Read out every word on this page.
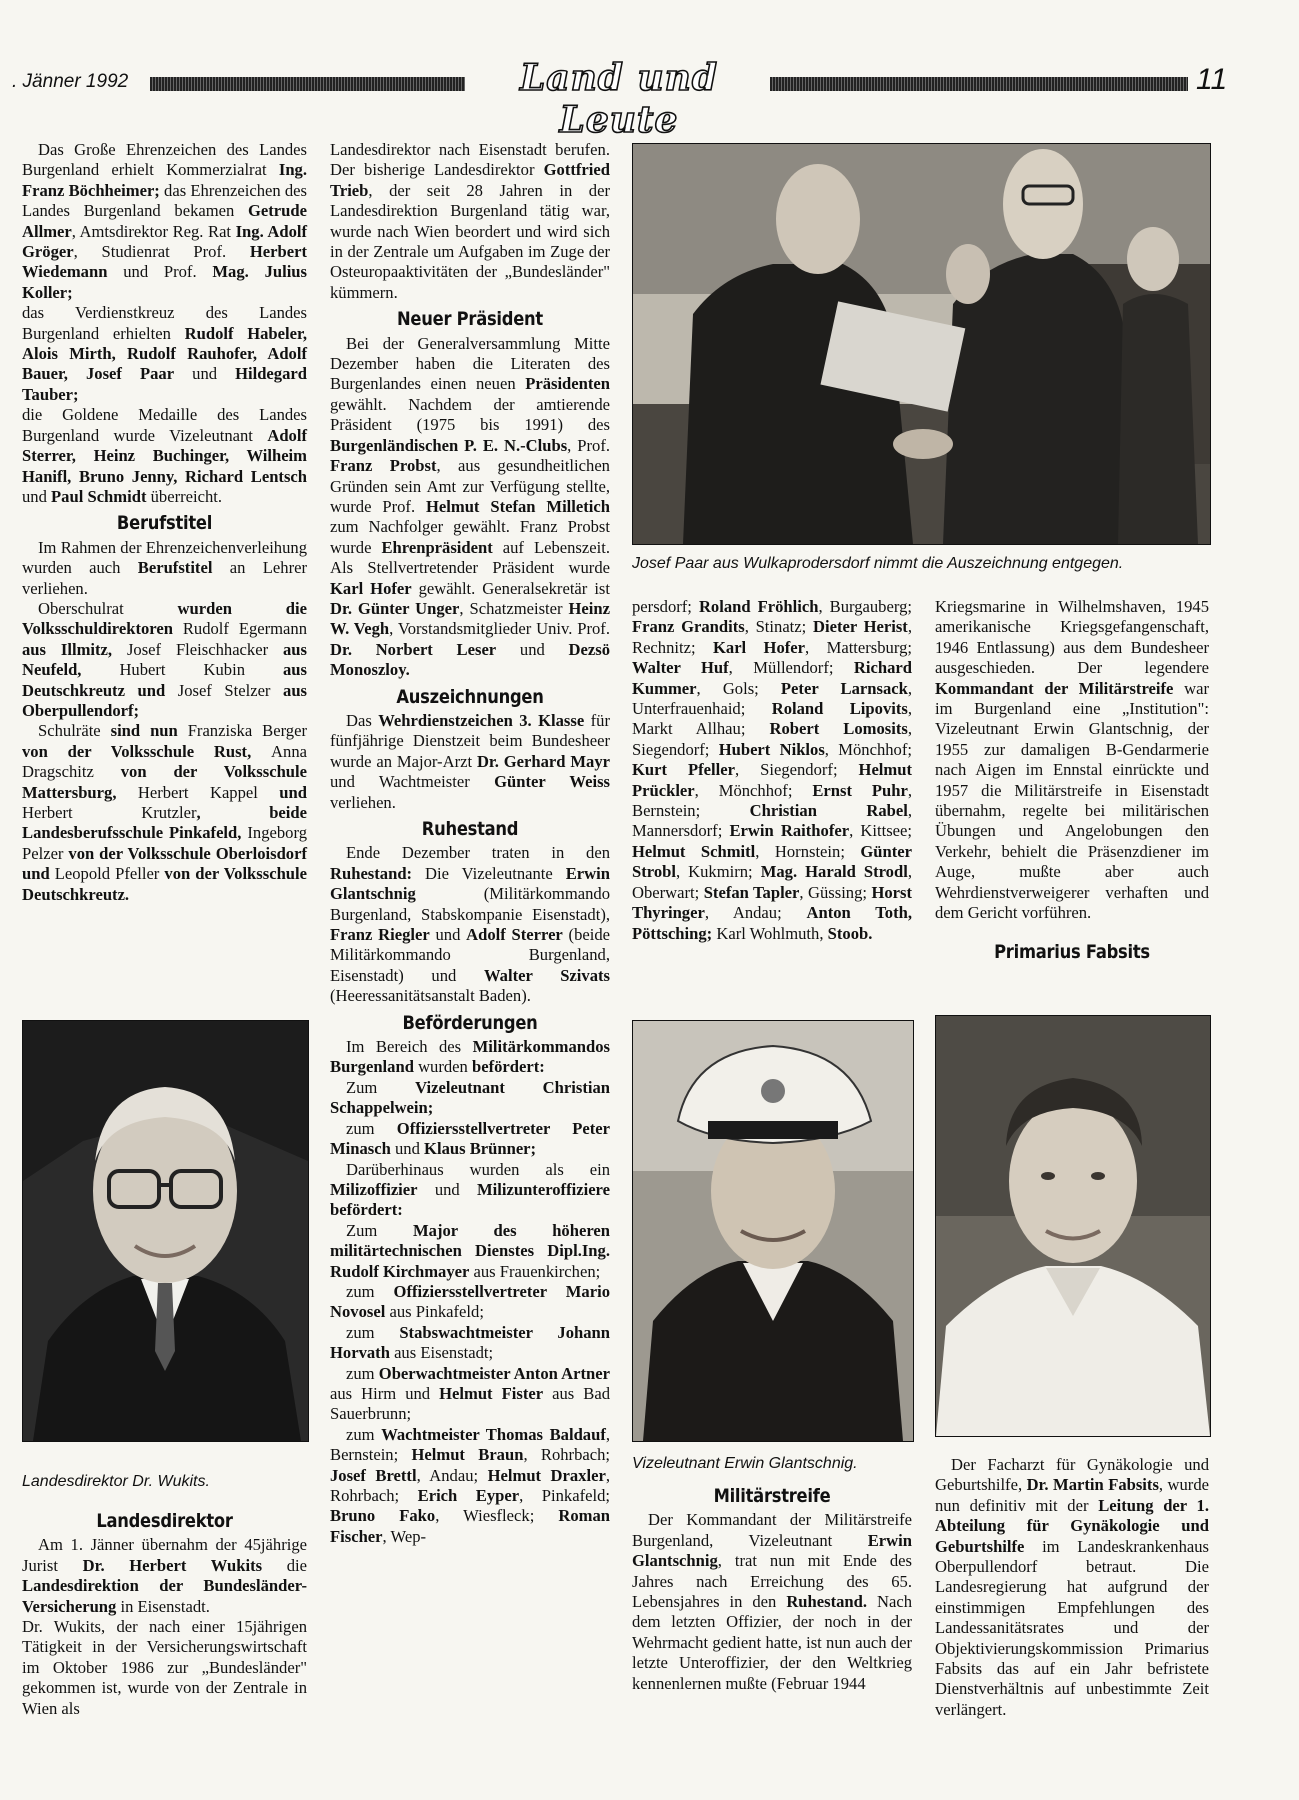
. Jänner 1992	Land und Leute
11

Das Große Ehrenzeichen des Landes Burgenland erhielt Kommerzialrat Ing. Franz Böchheimer; das Ehrenzeichen des Landes Burgenland bekamen Getrude Allmer, Amtsdirektor Reg. Rat Ing. Adolf Gröger, Studienrat Prof. Herbert Wiedemann und Prof. Mag. Julius Koller;

das Verdienstkreuz des Landes Burgenland erhielten Rudolf Habeler, Alois Mirth, Rudolf Rauhofer, Adolf Bauer, Josef Paar und Hildegard Tauber;

die Goldene Medaille des Landes Burgenland wurde Vizeleutnant Adolf Sterrer, Heinz Buchinger, Wilheim Hanifl, Bruno Jenny, Richard Lentsch und Paul Schmidt überreicht.

Berufstitel

Im Rahmen der Ehrenzeichenverleihung wurden auch Berufstitel an Lehrer verliehen.

Oberschulrat wurden die Volksschuldirektoren Rudolf Egermann aus Illmitz, Josef Fleischhacker aus Neufeld, Hubert Kubin aus Deutschkreutz und Josef Stelzer aus Oberpullendorf;

Schulräte sind nun Franziska Berger von der Volksschule Rust, Anna Dragschitz von der Volksschule Mattersburg, Herbert Kappel und Herbert Krutzler, beide Landesberufsschule Pinkafeld, Ingeborg Pelzer von der Volksschule Oberloisdorf und Leopold Pfeller von der Volksschule Deutschkreutz.

Landesdirektor Dr. Wukits.
Landesdirektor

Am 1. Jänner übernahm der 45jährige Jurist Dr. Herbert Wukits die Landesdirektion der Bundesländer-Versicherung in Eisenstadt.

Dr. Wukits, der nach einer 15jährigen Tätigkeit in der Versicherungswirtschaft im Oktober 1986 zur „Bundesländer" gekommen ist, wurde von der Zentrale in Wien als

Landesdirektor nach Eisenstadt berufen. Der bisherige Landesdirektor Gottfried Trieb, der seit 28 Jahren in der Landesdirektion Burgenland tätig war, wurde nach Wien beordert und wird sich in der Zentrale um Aufgaben im Zuge der Osteuropaaktivitäten der „Bundesländer" kümmern.

Neuer Präsident

Bei der Generalversammlung Mitte Dezember haben die Literaten des Burgenlandes einen neuen Präsidenten gewählt. Nachdem der amtierende Präsident (1975 bis 1991) des Burgenländischen P. E. N.-Clubs, Prof. Franz Probst, aus gesundheitlichen Gründen sein Amt zur Verfügung stellte, wurde Prof. Helmut Stefan Milletich zum Nachfolger gewählt. Franz Probst wurde Ehrenpräsident auf Lebenszeit. Als Stellvertretender Präsident wurde Karl Hofer gewählt. Generalsekretär ist Dr. Günter Unger, Schatzmeister Heinz W. Vegh, Vorstandsmitglieder Univ. Prof. Dr. Norbert Leser und Dezsö Monoszloy.

Auszeichnungen

Das Wehrdienstzeichen 3. Klasse für fünfjährige Dienstzeit beim Bundesheer wurde an Major-Arzt Dr. Gerhard Mayr und Wachtmeister Günter Weiss verliehen.

Ruhestand

Ende Dezember traten in den Ruhestand: Die Vizeleutnante Erwin Glantschnig (Militärkommando Burgenland, Stabskompanie Eisenstadt), Franz Riegler und Adolf Sterrer (beide Militärkommando Burgenland, Eisenstadt) und Walter Szivats (Heeressanitätsanstalt Baden).

Beförderungen

Im Bereich des Militärkommandos Burgenland wurden befördert:

Zum Vizeleutnant Christian Schappelwein;

zum Offiziersstellvertreter Peter Minasch und Klaus Brünner;

Darüberhinaus wurden als ein Milizoffizier und Milizunteroffiziere befördert:

Zum Major des höheren militärtechnischen Dienstes Dipl.Ing. Rudolf Kirchmayer aus Frauenkirchen;

zum Offiziersstellvertreter Mario Novosel aus Pinkafeld;

zum Stabswachtmeister Johann Horvath aus Eisenstadt;

zum Oberwachtmeister Anton Artner aus Hirm und Helmut Fister aus Bad Sauerbrunn;

zum Wachtmeister Thomas Baldauf, Bernstein; Helmut Braun, Rohrbach; Josef Brettl, Andau; Helmut Draxler, Rohrbach; Erich Eyper, Pinkafeld; Bruno Fako, Wiesfleck; Roman Fischer, Wep-

Josef Paar aus Wulkaprodersdorf nimmt die Auszeichnung entgegen.

persdorf; Roland Fröhlich, Burgauberg; Franz Grandits, Stinatz; Dieter Herist, Rechnitz; Karl Hofer, Mattersburg; Walter Huf, Müllendorf; Richard Kummer, Gols; Peter Larnsack, Unterfrauenhaid; Roland Lipovits, Markt Allhau; Robert Lomosits, Siegendorf; Hubert Niklos, Mönchhof; Kurt Pfeller, Siegendorf; Helmut Prückler, Mönchhof; Ernst Puhr, Bernstein; Christian Rabel, Mannersdorf; Erwin Raithofer, Kittsee; Helmut Schmitl, Hornstein; Günter Strobl, Kukmirn; Mag. Harald Strodl, Oberwart; Stefan Tapler, Güssing; Horst Thyringer, Andau; Anton Toth, Pöttsching; Karl Wohlmuth, Stoob.

Vizeleutnant Erwin Glantschnig.
Militärstreife

Der Kommandant der Militärstreife Burgenland, Vizeleutnant Erwin Glantschnig, trat nun mit Ende des Jahres nach Erreichung des 65. Lebensjahres in den Ruhestand. Nach dem letzten Offizier, der noch in der Wehrmacht gedient hatte, ist nun auch der letzte Unteroffizier, der den Weltkrieg kennenlernen mußte (Februar 1944

Kriegsmarine in Wilhelmshaven, 1945 amerikanische Kriegsgefangenschaft, 1946 Entlassung) aus dem Bundesheer ausgeschieden. Der legendere Kommandant der Militärstreife war im Burgenland eine „Institution": Vizeleutnant Erwin Glantschnig, der 1955 zur damaligen B-Gendarmerie nach Aigen im Ennstal einrückte und 1957 die Militärstreife in Eisenstadt übernahm, regelte bei militärischen Übungen und Angelobungen den Verkehr, behielt die Präsenzdiener im Auge, mußte aber auch Wehrdienstverweigerer verhaften und dem Gericht vorführen.

Primarius Fabsits

Der Facharzt für Gynäkologie und Geburtshilfe, Dr. Martin Fabsits, wurde nun definitiv mit der Leitung der 1. Abteilung für Gynäkologie und Geburtshilfe im Landeskrankenhaus Oberpullendorf betraut. Die Landesregierung hat aufgrund der einstimmigen Empfehlungen des Landessanitätsrates und der Objektivierungskommission Primarius Fabsits das auf ein Jahr befristete Dienstverhältnis auf unbestimmte Zeit verlängert.
